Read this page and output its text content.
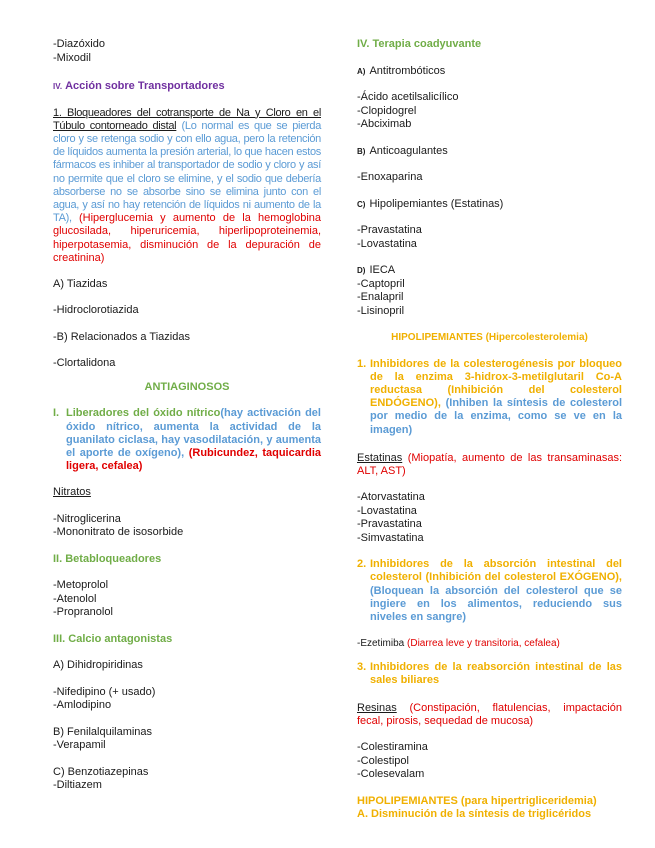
-Diazóxido
-Mixodil
IV. Acción sobre Transportadores
1. Bloqueadores del cotransporte de Na y Cloro en el Túbulo contorneado distal (Lo normal es que se pierda cloro y se retenga sodio y con ello agua, pero la retención de líquidos aumenta la presión arterial, lo que hacen estos fármacos es inhiber al transportador de sodio y cloro y así no permite que el cloro se elimine, y el sodio que debería absorberse no se absorbe sino se elimina junto con el agua, y así no hay retención de líquidos ni aumento de la TA), (Hiperglucemia y aumento de la hemoglobina glucosilada, hiperuricemia, hiperlipoproteinemia, hiperpotasemia, disminución de la depuración de creatinina)
A) Tiazidas
-Hidroclorotiazida
-B) Relacionados a Tiazidas
-Clortalidona
ANTIAGINOSOS
I. Liberadores del óxido nítrico(hay activación del óxido nítrico, aumenta la actividad de la guanilato ciclasa, hay vasodilatación, y aumenta el aporte de oxígeno), (Rubicundez, taquicardia ligera, cefalea)
Nitratos
-Nitroglicerina
-Mononitrato de isosorbide
II. Betabloqueadores
-Metoprolol
-Atenolol
-Propranolol
III. Calcio antagonistas
A) Dihidropiridinas
-Nifedipino (+ usado)
-Amlodipino
B) Fenilalquilaminas
-Verapamil
C) Benzotiazepinas
-Diltiazem
IV. Terapia coadyuvante
A) Antitrombóticos
-Ácido acetilsalicílico
-Clopidogrel
-Abciximab
B) Anticoagulantes
-Enoxaparina
C) Hipolipemiantes (Estatinas)
-Pravastatina
-Lovastatina
D) IECA
-Captopril
-Enalapril
-Lisinopril
HIPOLIPEMIANTES (Hipercolesterolemia)
1. Inhibidores de la colesterogénesis por bloqueo de la enzima 3-hidrox-3-metilglutaril Co-A reductasa (Inhibición del colesterol ENDÓGENO), (Inhiben la síntesis de colesterol por medio de la enzima, como se ve en la imagen)
Estatinas (Miopatía, aumento de las transaminasas: ALT, AST)
-Atorvastatina
-Lovastatina
-Pravastatina
-Simvastatina
2. Inhibidores de la absorción intestinal del colesterol (Inhibición del colesterol EXÓGENO), (Bloquean la absorción del colesterol que se ingiere en los alimentos, reduciendo sus niveles en sangre)
-Ezetimiba (Diarrea leve y transitoria, cefalea)
3. Inhibidores de la reabsorción intestinal de las sales biliares
Resinas (Constipación, flatulencias, impactación fecal, pirosis, sequedad de mucosa)
-Colestiramina
-Colestipol
-Colesevalam
HIPOLIPEMIANTES (para hipertrigliceridemia)
A. Disminución de la síntesis de triglicéridos
